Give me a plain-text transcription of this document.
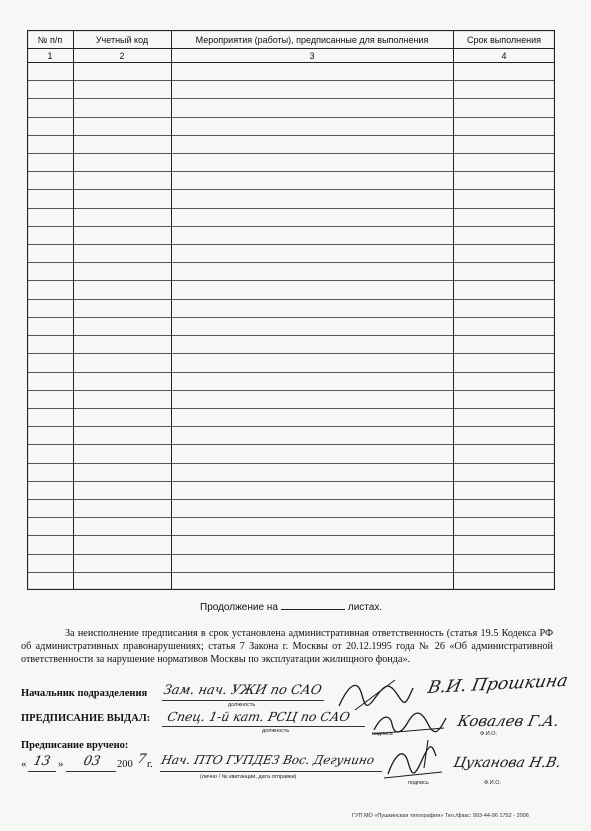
№ п/п	Учетный код	Мероприятия (работы), предписанные для выполнения	Срок выполнения
1	2	3	4
Продолжение на	листах.
За неисполнение предписания в срок установлена административная ответственность (статья 19.5 Кодекса РФ об административных правонарушениях; статья 7 Закона г. Москвы от 20.12.1995 года № 26 «Об административной ответственности за нарушение нормативов Москвы по эксплуатации жилищного фонда».
Начальник подразделения Зам. нач. УЖИ по САО
должность
подпись
В.И. Прошкина
Ф.И.О.
ПРЕДПИСАНИЕ ВЫДАЛ: Спец. 1-й кат. РСЦ по САО
должность
Ковалев Г.А.
Предписание вручено:
« 13 » 03 200 7 г. Нач. ПТО ГУПДЕЗ Вос. Дегунино
(лично / № квитанции, дата отправки)
подпись
Цуканова Н.В.
Ф.И.О.
ГУП МО «Пушкинская типография» Тел./факс: 993-44-96 1752 - 2006
